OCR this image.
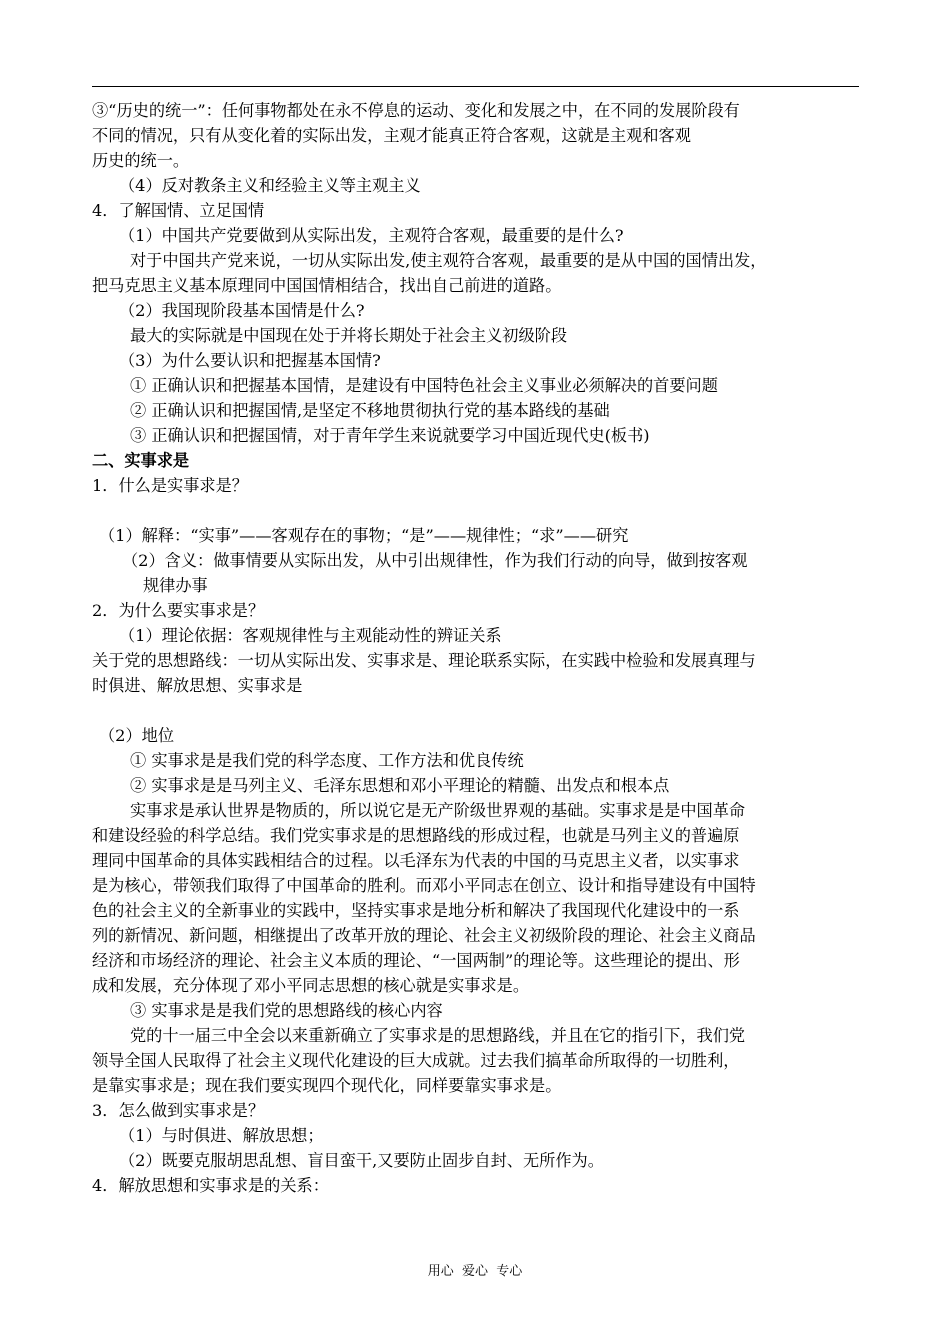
③“历史的统一”：任何事物都处在永不停息的运动、变化和发展之中，在不同的发展阶段有
不同的情况，只有从变化着的实际出发，主观才能真正符合客观，这就是主观和客观
历史的统一。
（4）反对教条主义和经验主义等主观主义
4．了解国情、立足国情
（1）中国共产党要做到从实际出发，主观符合客观，最重要的是什么?
对于中国共产党来说，一切从实际出发,使主观符合客观，最重要的是从中国的国情出发，
把马克思主义基本原理同中国国情相结合，找出自己前进的道路。
（2）我国现阶段基本国情是什么?
最大的实际就是中国现在处于并将长期处于社会主义初级阶段
（3）为什么要认识和把握基本国情?
① 正确认识和把握基本国情，是建设有中国特色社会主义事业必须解决的首要问题
② 正确认识和把握国情,是坚定不移地贯彻执行党的基本路线的基础
③ 正确认识和把握国情，对于青年学生来说就要学习中国近现代史(板书)
二、实事求是
1．什么是实事求是？
（1）解释：“实事”——客观存在的事物；“是”——规律性；“求”——研究
（2）含义：做事情要从实际出发，从中引出规律性，作为我们行动的向导，做到按客观
规律办事
2．为什么要实事求是？
（1）理论依据：客观规律性与主观能动性的辨证关系
关于党的思想路线：一切从实际出发、实事求是、理论联系实际，在实践中检验和发展真理与
时俱进、解放思想、实事求是
（2）地位
① 实事求是是我们党的科学态度、工作方法和优良传统
② 实事求是是马列主义、毛泽东思想和邓小平理论的精髓、出发点和根本点
实事求是承认世界是物质的，所以说它是无产阶级世界观的基础。实事求是是中国革命
和建设经验的科学总结。我们党实事求是的思想路线的形成过程，也就是马列主义的普遍原
理同中国革命的具体实践相结合的过程。以毛泽东为代表的中国的马克思主义者，以实事求
是为核心，带领我们取得了中国革命的胜利。而邓小平同志在创立、设计和指导建设有中国特
色的社会主义的全新事业的实践中，坚持实事求是地分析和解决了我国现代化建设中的一系
列的新情况、新问题，相继提出了改革开放的理论、社会主义初级阶段的理论、社会主义商品
经济和市场经济的理论、社会主义本质的理论、“一国两制”的理论等。这些理论的提出、形
成和发展，充分体现了邓小平同志思想的核心就是实事求是。
③ 实事求是是我们党的思想路线的核心内容
党的十一届三中全会以来重新确立了实事求是的思想路线，并且在它的指引下，我们党
领导全国人民取得了社会主义现代化建设的巨大成就。过去我们搞革命所取得的一切胜利，
是靠实事求是；现在我们要实现四个现代化，同样要靠实事求是。
3．怎么做到实事求是？
（1）与时俱进、解放思想；
（2）既要克服胡思乱想、盲目蛮干,又要防止固步自封、无所作为。
4．解放思想和实事求是的关系：
用心  爱心  专心
